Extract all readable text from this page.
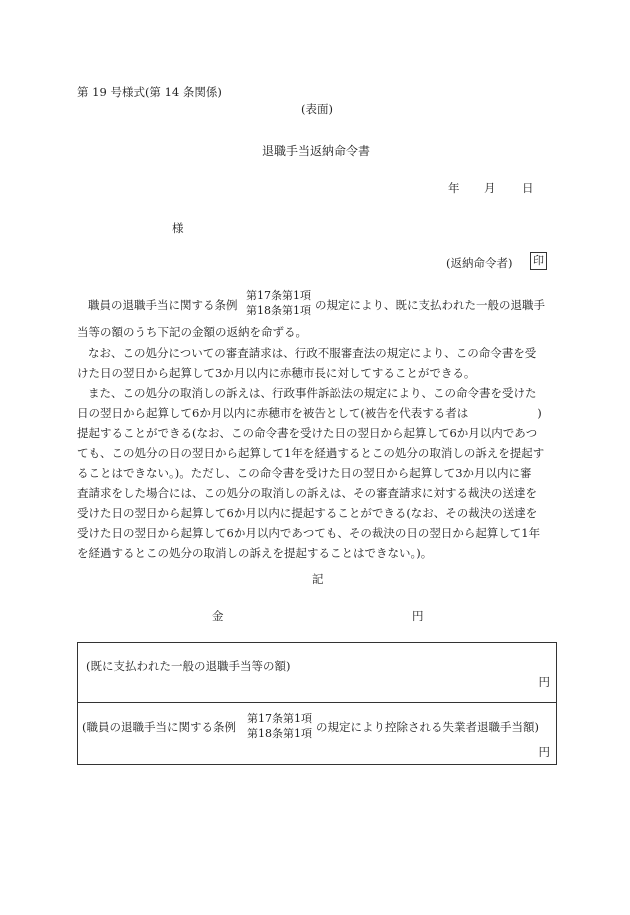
第 19 号様式(第 14 条関係)
(表面)
退職手当返納命令書
年 月 日
様
(返納命令者) 印
職員の退職手当に関する条例
第17条第1項
第18条第1項 の規定により、既に支払われた一般の退職手
当等の額のうち下記の金額の返納を命ずる。

なお、この処分についての審査請求は、行政不服審査法の規定により、この命令書を受

けた日の翌日から起算して3か月以内に赤穂市長に対してすることができる。

また、この処分の取消しの訴えは、行政事件訴訟法の規定により、この命令書を受けた

日の翌日から起算して6か月以内に赤穂市を被告として(被告を代表する者は　　　　　　)

提起することができる(なお、この命令書を受けた日の翌日から起算して6か月以内であつ

ても、この処分の日の翌日から起算して1年を経過するとこの処分の取消しの訴えを提起す

ることはできない。)。ただし、この命令書を受けた日の翌日から起算して3か月以内に審

査請求をした場合には、この処分の取消しの訴えは、その審査請求に対する裁決の送達を

受けた日の翌日から起算して6か月以内に提起することができる(なお、その裁決の送達を

受けた日の翌日から起算して6か月以内であつても、その裁決の日の翌日から起算して1年

を経過するとこの処分の取消しの訴えを提起することはできない。)。

記
金	円
(既に支払われた一般の退職手当等の額)
円
(職員の退職手当に関する条例
第17条第1項
第18条第1項 の規定により控除される失業者退職手当額)
円
